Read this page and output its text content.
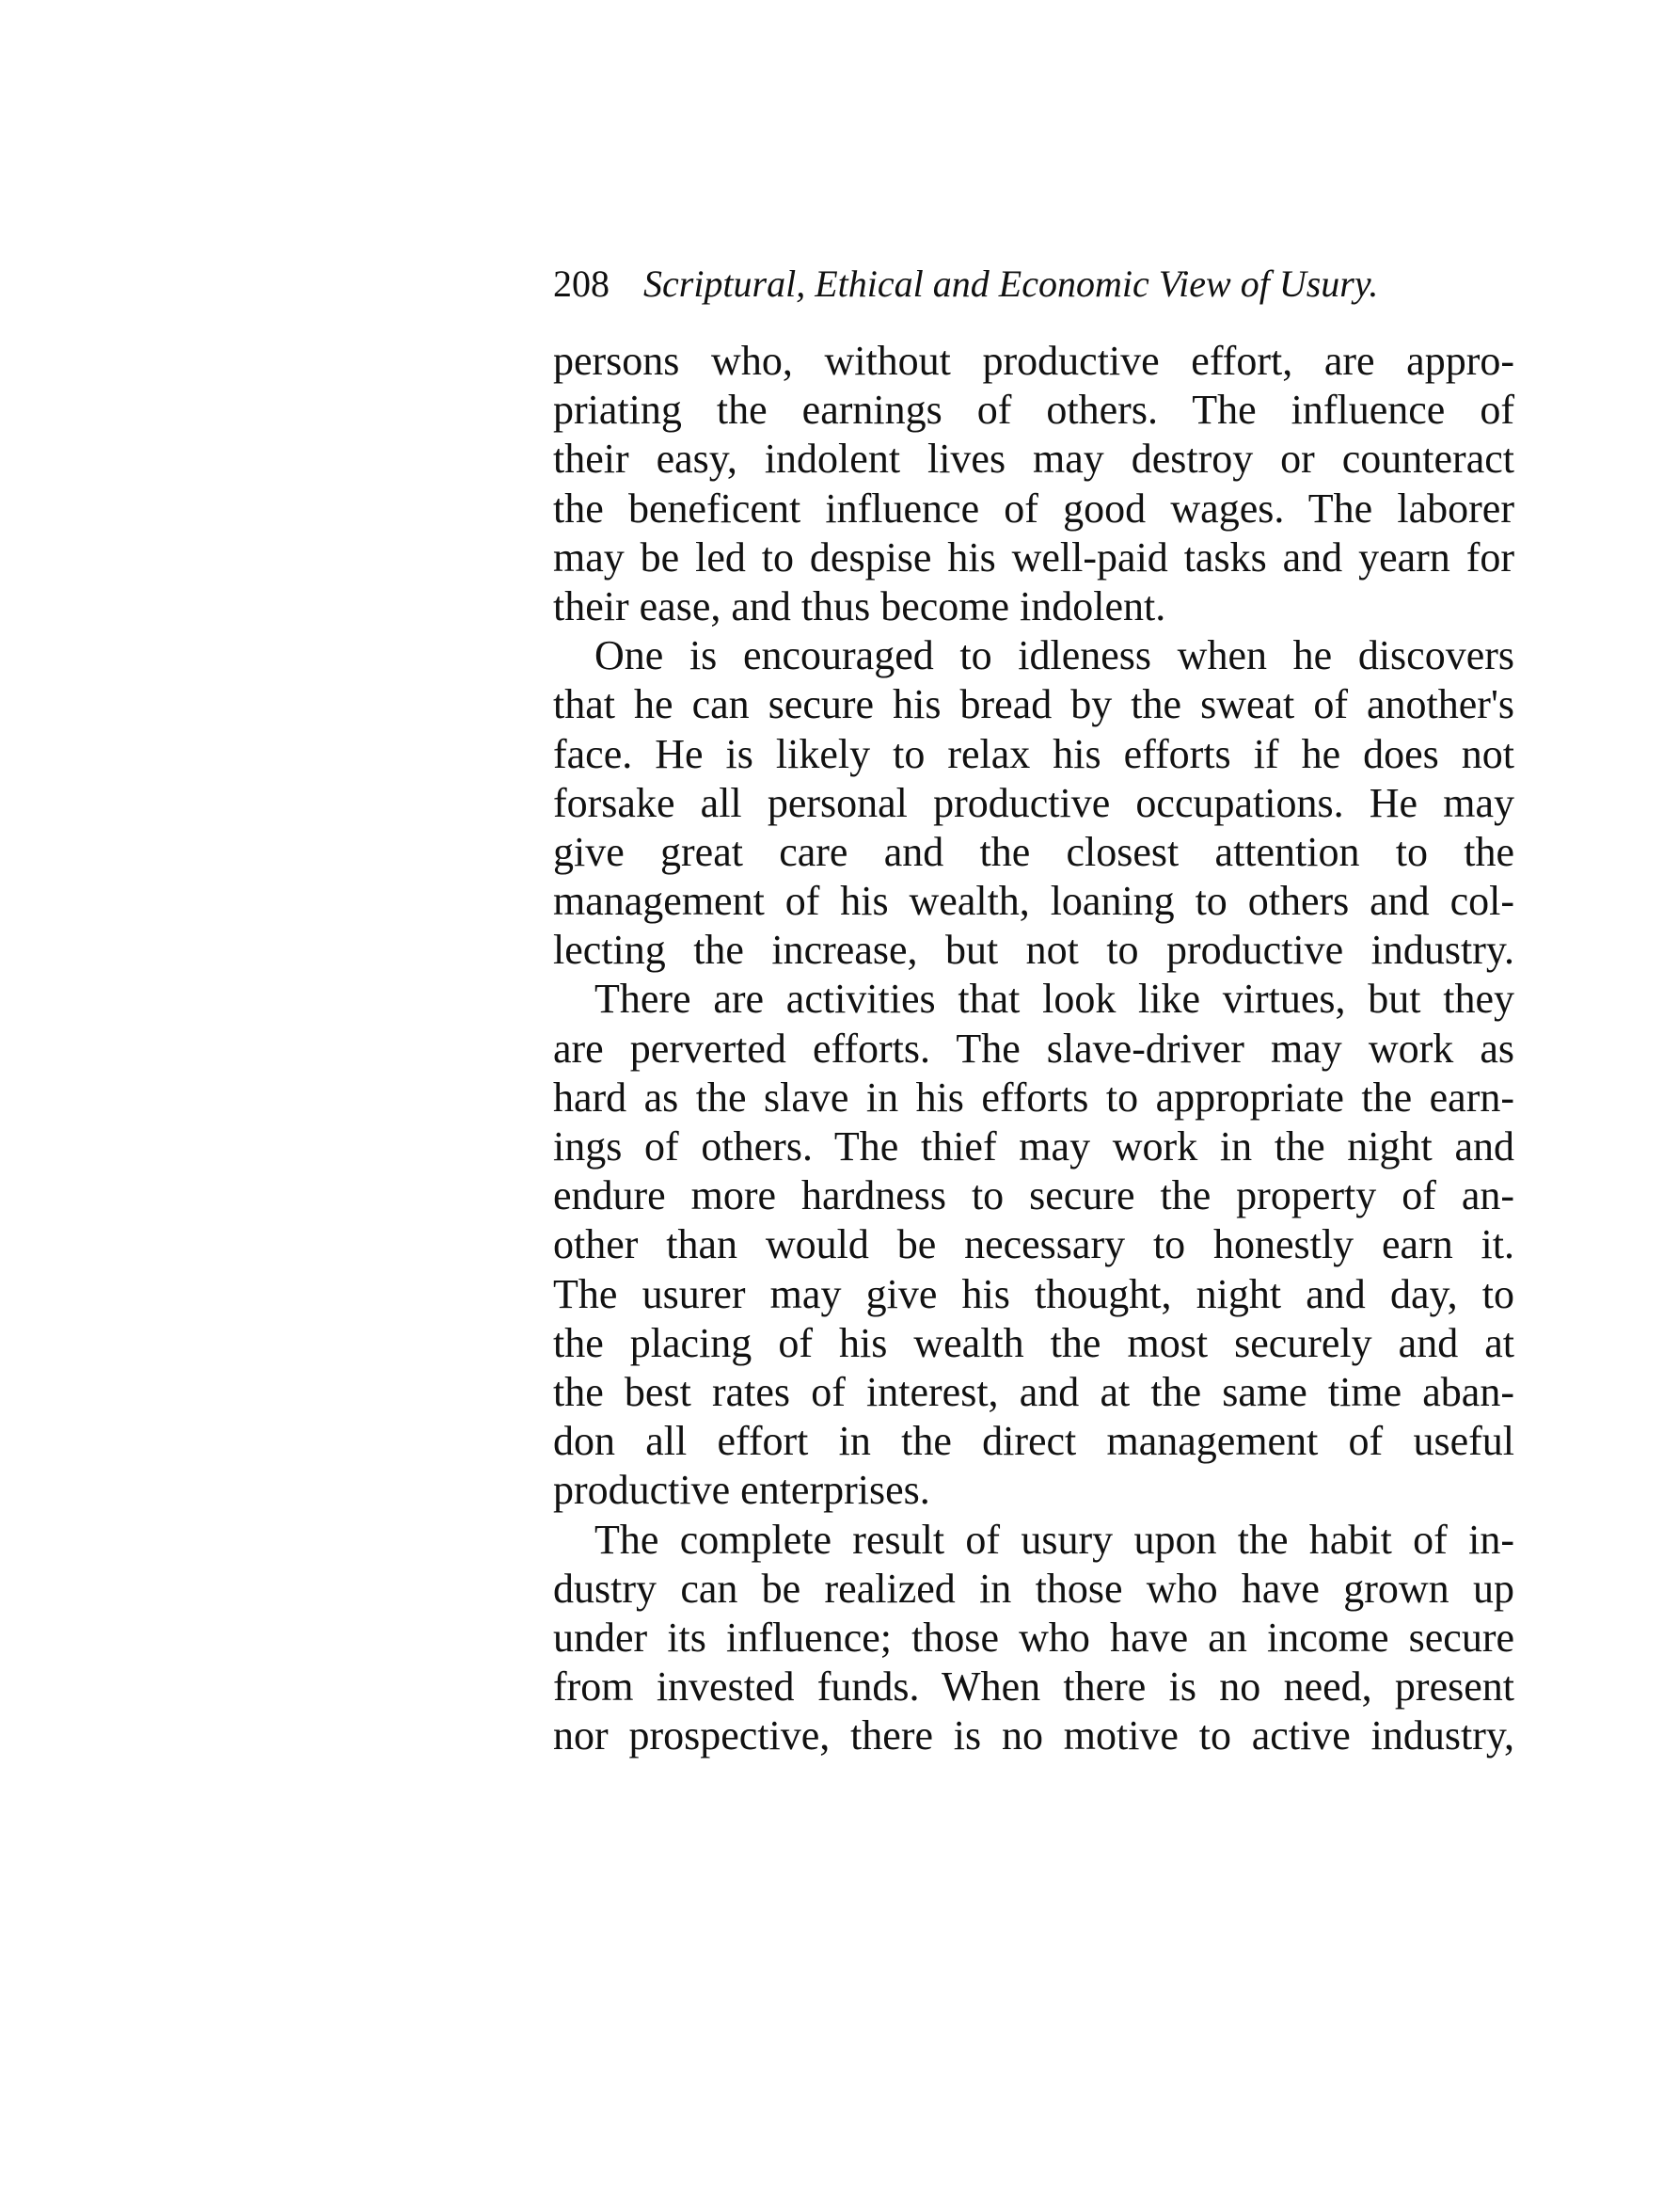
208 Scriptural, Ethical and Economic View of Usury.
persons who, without productive effort, are appro-
priating the earnings of others. The influence of
their easy, indolent lives may destroy or counteract
the beneficent influence of good wages. The laborer
may be led to despise his well-paid tasks and yearn for
their ease, and thus become indolent.
One is encouraged to idleness when he discovers
that he can secure his bread by the sweat of another's
face. He is likely to relax his efforts if he does not
forsake all personal productive occupations. He may
give great care and the closest attention to the
management of his wealth, loaning to others and col-
lecting the increase, but not to productive industry.
There are activities that look like virtues, but they
are perverted efforts. The slave-driver may work as
hard as the slave in his efforts to appropriate the earn-
ings of others. The thief may work in the night and
endure more hardness to secure the property of an-
other than would be necessary to honestly earn it.
The usurer may give his thought, night and day, to
the placing of his wealth the most securely and at
the best rates of interest, and at the same time aban-
don all effort in the direct management of useful
productive enterprises.
The complete result of usury upon the habit of in-
dustry can be realized in those who have grown up
under its influence; those who have an income secure
from invested funds. When there is no need, present
nor prospective, there is no motive to active industry,
